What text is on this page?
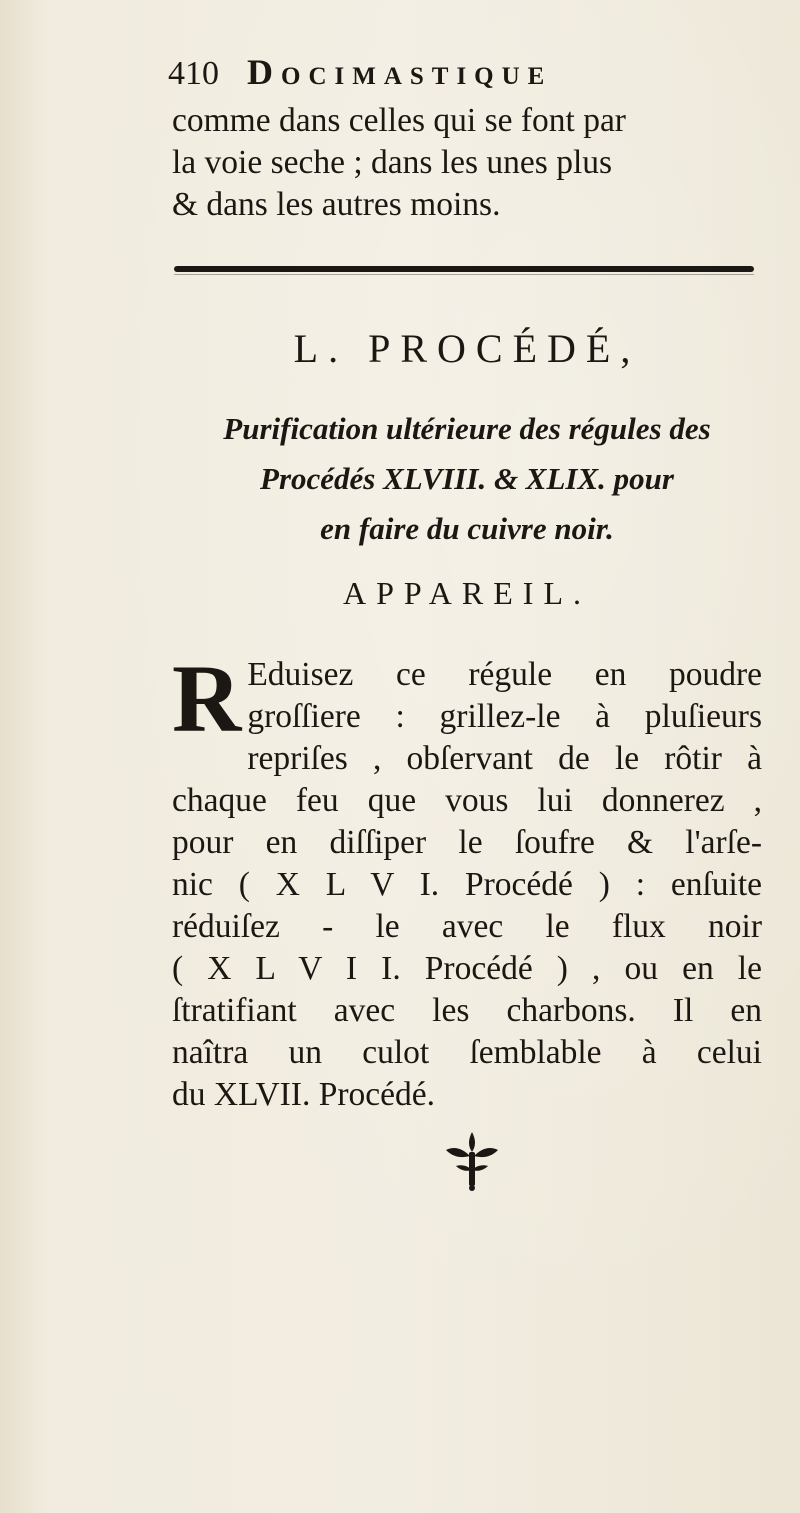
410 Docimastique

comme dans celles qui se font par

la voie seche ; dans les unes plus

& dans les autres moins.

L. PROCÉDÉ,

Purification ultérieure des régules des

Procédés XLVIII. & XLIX. pour

en faire du cuivre noir.

APPAREIL.
R Eduisez ce régule en poudre
groſſiere : grillez-le à pluſieurs
repriſes , obſervant de le rôtir à
chaque feu que vous lui donnerez ,
pour en diſſiper le ſoufre & l'arſe-
nic ( X L V I. Procédé ) : enſuite
réduiſez - le avec le flux noir
( X L V I I. Procédé ) , ou en le
ſtratifiant avec les charbons. Il en
naîtra un culot ſemblable à celui
du XLVII. Procédé.
